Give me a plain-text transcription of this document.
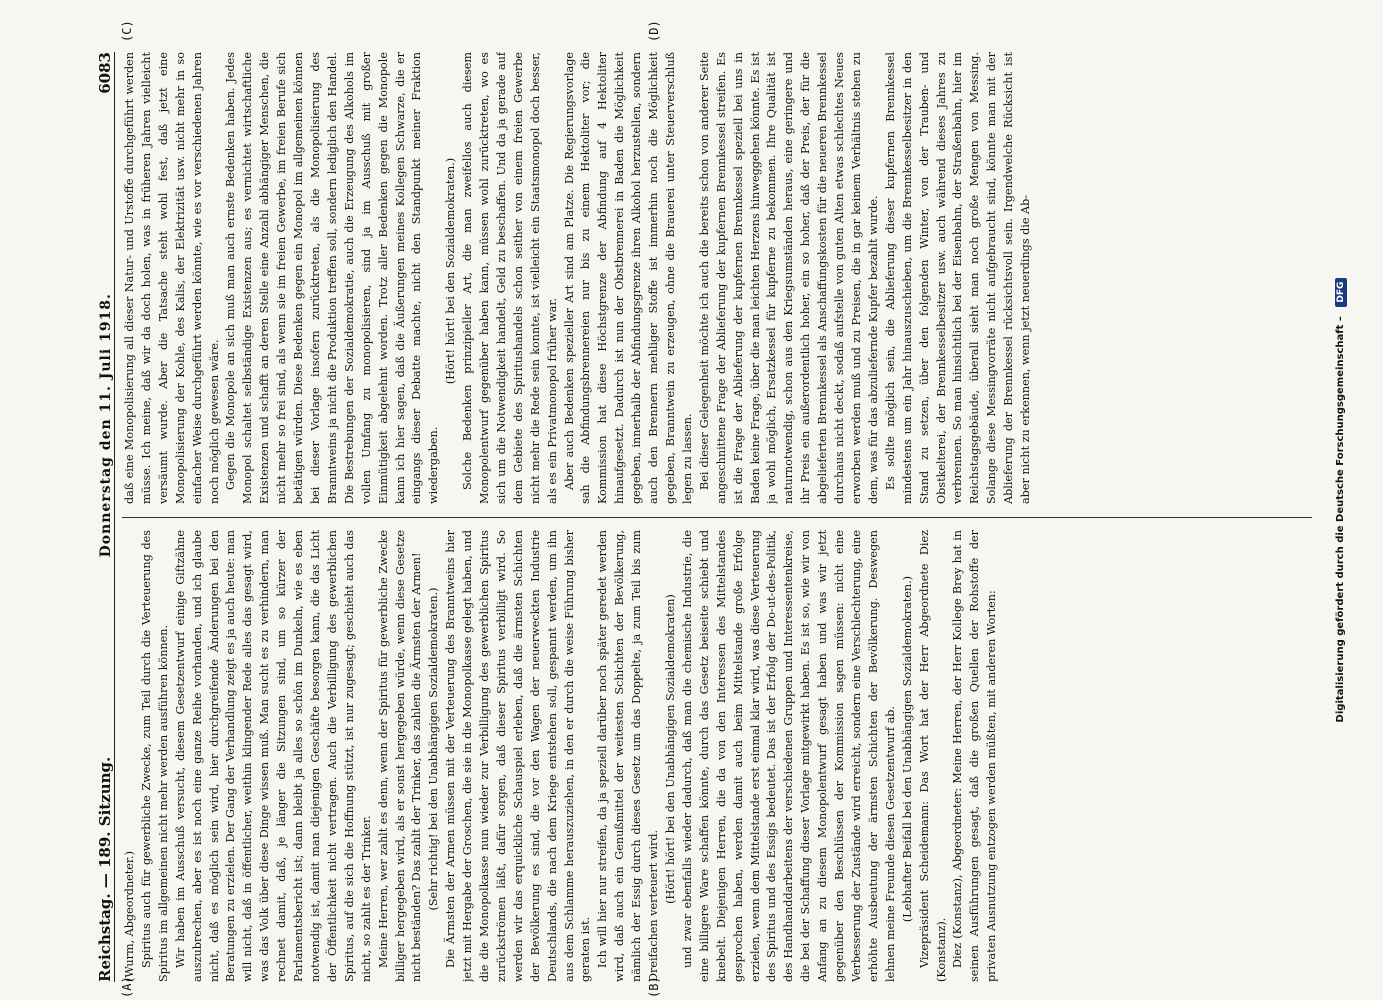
Reichstag. — 189. Sitzung.
Donnerstag den 11. Juli 1918.
6083
(A)	(B)
(C)	(D)

(Wurm, Abgeordneter.) Spiritus auch für gewerbliche Zwecke, zum Teil durch die Verteuerung des Spiritus im allgemeinen nicht mehr werden ausführen können. Wir haben im Ausschuß versucht, diesem Gesetzentwurf einige Giftzähne auszubrechen, aber es ist noch eine ganze Reihe vorhanden, und ich glaube nicht, daß es möglich sein wird, hier durchgreifende Änderungen bei den Beratungen zu erzielen. Der Gang der Verhandlung zeigt es ja auch heute: man will nicht, daß in öffentlicher, weithin klingender Rede alles das gesagt wird, was das Volk über diese Dinge wissen muß. Man sucht es zu verhindern, man rechnet damit, daß, je länger die Sitzungen sind, um so kürzer der Parlamentsbericht ist; dann bleibt ja alles so schön im Dunkeln, wie es eben notwendig ist, damit man diejenigen Geschäfte besorgen kann, die das Licht der Öffentlichkeit nicht vertragen. Auch die Verbilligung des gewerblichen Spiritus, auf die sich die Hoffnung stützt, ist nur zugesagt; geschieht auch das nicht, so zahlt es der Trinker. Meine Herren, wer zahlt es denn, wenn der Spiritus für gewerbliche Zwecke billiger hergegeben wird, als er sonst hergegeben würde, wenn diese Gesetze nicht beständen? Das zahlt der Trinker, das zahlen die Ärmsten der Armen! (Sehr richtig! bei den Unabhängigen Sozialdemokraten.) Die Ärmsten der Armen müssen mit der Verteuerung des Branntweins hier jetzt mit Hergabe der Groschen, die sie in die Monopolkasse gelegt haben, und die die Monopolkasse nun wieder zur Verbilligung des gewerblichen Spiritus zurückströmen läßt, dafür sorgen, daß dieser Spiritus verbilligt wird. So werden wir das erquickliche Schauspiel erleben, daß die ärmsten Schichten der Bevölkerung es sind, die vor den Wagen der neuerweckten Industrie Deutschlands, die nach dem Kriege entstehen soll, gespannt werden, um ihn aus dem Schlamme herauszuziehen, in den er durch die weise Führung bisher geraten ist. Ich will hier nur streifen, da ja speziell darüber noch später geredet werden wird, daß auch ein Genußmittel der weitesten Schichten der Bevölkerung, nämlich der Essig durch dieses Gesetz um das Doppelte, ja zum Teil bis zum Dreifachen verteuert wird.

(Hört! hört! bei den Unabhängigen Sozialdemokraten) und zwar ebenfalls wieder dadurch, daß man die chemische Industrie, die eine billigere Ware schaffen könnte, durch das Gesetz beiseite schiebt und knebelt. Diejenigen Herren, die da von den Interessen des Mittelstandes gesprochen haben, werden damit auch beim Mittelstande große Erfolge erzielen, wenn dem Mittelstande erst einmal klar wird, was diese Verteuerung des Spiritus und des Essigs bedeutet. Das ist der Erfolg der Do-ut-des-Politik, des Handhanddarbeitens der verschiedenen Gruppen und Interessentenkreise, die bei der Schaffung dieser Vorlage mitgewirkt haben. Es ist so, wie wir von Anfang an zu diesem Monopolentwurf gesagt haben und was wir jetzt gegenüber den Beschlüssen der Kommission sagen müssen: nicht eine Verbesserung der Zustände wird erreicht, sondern eine Verschlechterung, eine erhöhte Ausbeutung der ärmsten Schichten der Bevölkerung. Deswegen lehnen meine Freunde diesen Gesetzentwurf ab. (Lebhafter Beifall bei den Unabhängigen Sozialdemokraten.) Vizepräsident Scheidemann: Das Wort hat der Herr Abgeordnete Diez (Konstanz). Diez (Konstanz), Abgeordneter: Meine Herren, der Herr Kollege Brey hat in seinen Ausführungen gesagt, daß die großen Quellen der Rohstoffe der privaten Ausnutzung entzogen werden müßten, mit anderen Worten:

daß eine Monopolisierung all dieser Natur- und Urstoffe durchgeführt werden müsse. Ich meine, daß wir da doch holen, was in früheren Jahren vielleicht versäumt wurde. Aber die Tatsache steht wohl fest, daß jetzt eine Monopolisierung der Kohle, des Kalis, der Elektrizität usw. nicht mehr in so einfacher Weise durchgeführt werden könnte, wie es vor verschiedenen Jahren noch möglich gewesen wäre. Gegen die Monopole an sich muß man auch ernste Bedenken haben. Jedes Monopol schaltet selbständige Existenzen aus; es vernichtet wirtschaftliche Existenzen und schafft an deren Stelle eine Anzahl abhängiger Menschen, die nicht mehr so frei sind, als wenn sie im freien Gewerbe, im freien Berufe sich betätigen würden. Diese Bedenken gegen ein Monopol im allgemeinen können bei dieser Vorlage insofern zurücktreten, als die Monopolisierung des Branntweins ja nicht die Produktion treffen soll, sondern lediglich den Handel. Die Bestrebungen der Sozialdemokratie, auch die Erzeugung des Alkohols im vollen Umfang zu monopolisieren, sind ja im Ausschuß mit großer Einmütigkeit abgelehnt worden. Trotz aller Bedenken gegen die Monopole kann ich hier sagen, daß die Äußerungen meines Kollegen Schwarze, die er eingangs dieser Debatte machte, nicht den Standpunkt meiner Fraktion wiedergaben.

(Hört! hört! bei den Sozialdemokraten.) Solche Bedenken prinzipieller Art, die man zweifellos auch diesem Monopolentwurf gegenüber haben kann, müssen wohl zurücktreten, wo es sich um die Notwendigkeit handelt, Geld zu beschaffen. Und da ja gerade auf dem Gebiete des Spiritushandels schon seither von einem freien Gewerbe nicht mehr die Rede sein konnte, ist vielleicht ein Staatsmonopol doch besser, als es ein Privatmonopol früher war. Aber auch Bedenken spezieller Art sind am Platze. Die Regierungsvorlage sah die Abfindungsbrennereien nur bis zu einem Hektoliter vor; die Kommission hat diese Höchstgrenze der Abfindung auf 4 Hektoliter hinaufgesetzt. Dadurch ist nun der Obstbrennerei in Baden die Möglichkeit gegeben, innerhalb der Abfindungsgrenze ihren Alkohol herzustellen, sondern auch den Brennern mehliger Stoffe ist immerhin noch die Möglichkeit gegeben, Branntwein zu erzeugen, ohne die Brauerei unter Steuerverschluß legen zu lassen. Bei dieser Gelegenheit möchte ich auch die bereits schon von anderer Seite angeschnittene Frage der Ablieferung der kupfernen Brennkessel streifen. Es ist die Frage der Ablieferung der kupfernen Brennkessel speziell bei uns in Baden keine Frage, über die man leichten Herzens hinweggehen könnte. Es ist ja wohl möglich, Ersatzkessel für kupferne zu bekommen. Ihre Qualität ist naturnotwendig, schon aus den Kriegsumständen heraus, eine geringere und ihr Preis ein außerordentlich hoher, ein so hoher, daß der Preis, der für die abgelieferten Brennkessel als Anschaffungskosten für die neueren Brennkessel durchaus nicht deckt, sodaß aufstelle von guten Alten etwas schlechtes Neues erworben werden muß und zu Preisen, die in gar keinem Verhältnis stehen zu dem, was für das abzuliefernde Kupfer bezahlt wurde. Es sollte möglich sein, die Ablieferung dieser kupfernen Brennkessel mindestens um ein Jahr hinauszuschieben, um die Brennkesselbesitzer in den Stand zu setzen, über den folgenden Winter, von der Trauben- und Obstkelterei, der Brennkesselbesitzer usw. auch während dieses Jahres zu verbrennen. So man hinsichtlich bei der Eisenbahn, der Straßenbahn, hier im Reichstagsgebäude, überall sieht man noch große Mengen von Messing. Solange diese Messingvorräte nicht aufgebraucht sind, könnte man mit der Ablieferung der Brennkessel rücksichtsvoll sein. Irgendwelche Rücksicht ist aber nicht zu erkennen, wenn jetzt neuerdings die Ab-	Digitalisierung gefördert durch die Deutsche Forschungsgemeinschaft – DFG
